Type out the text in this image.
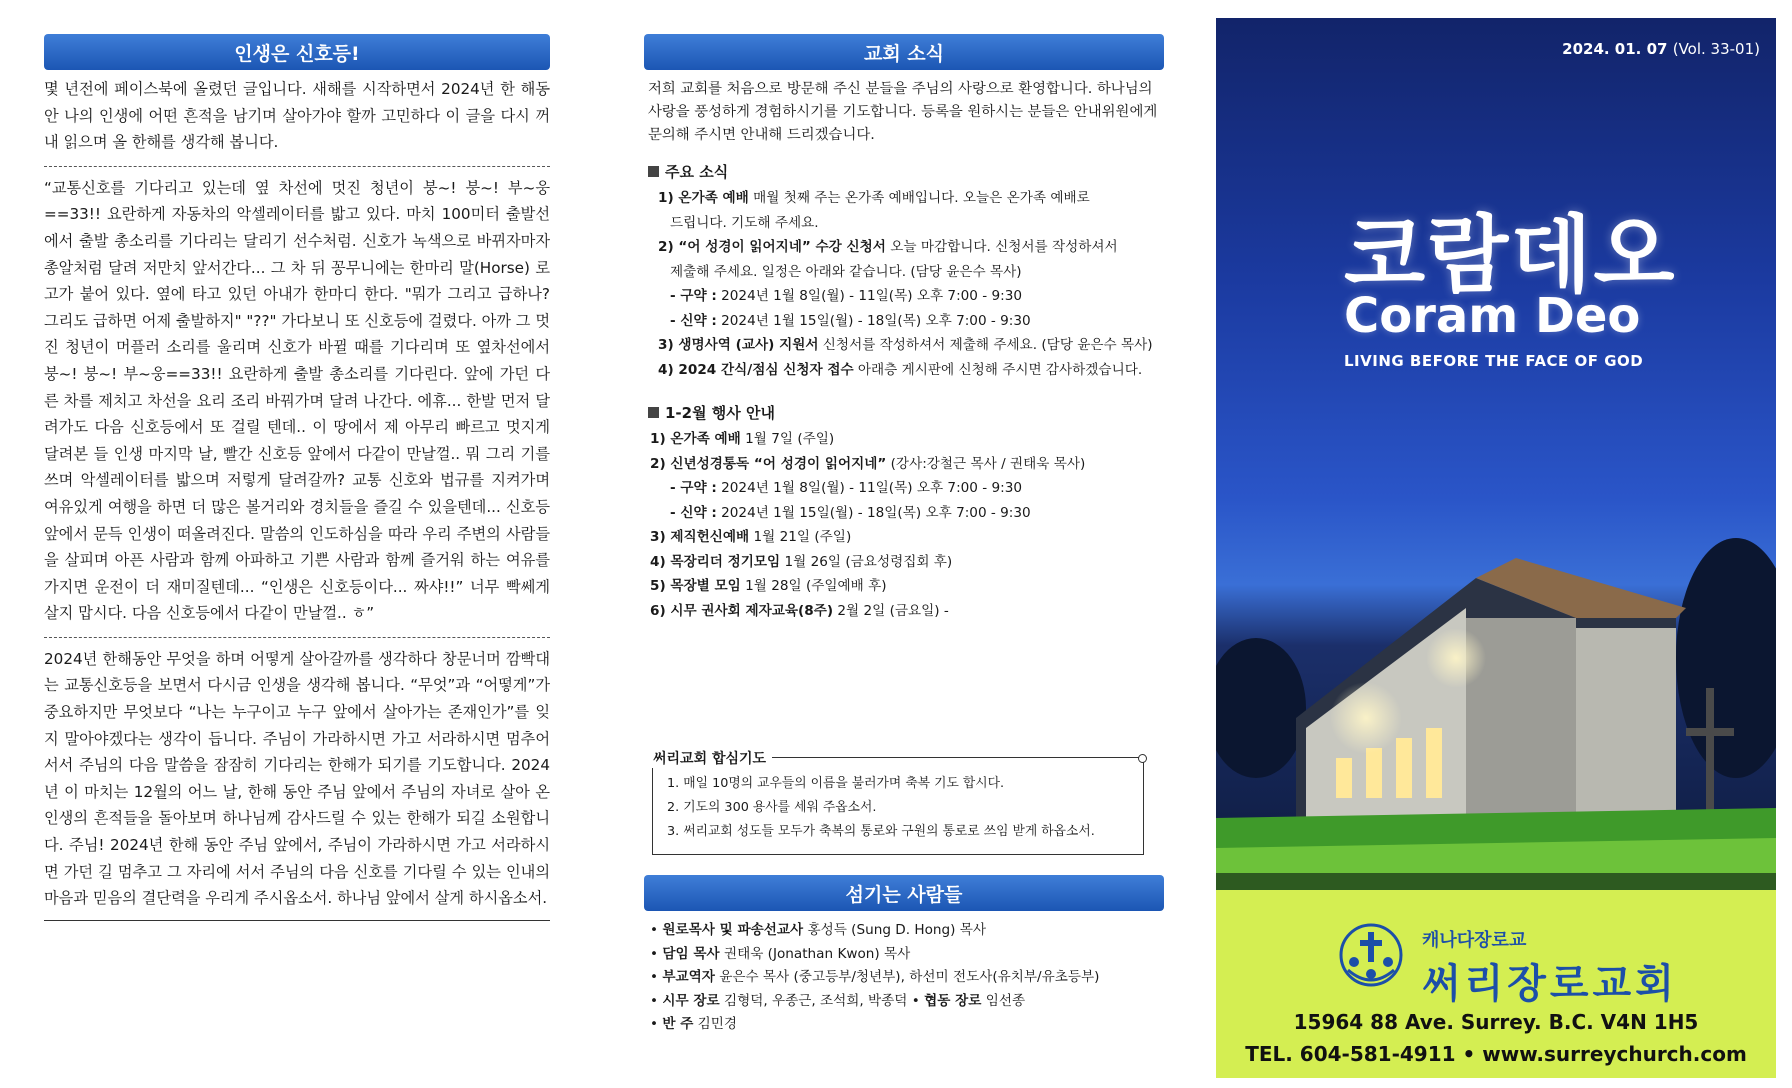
인생은 신호등!

몇 년전에 페이스북에 올렸던 글입니다. 새해를 시작하면서 2024년 한 해동안 나의 인생에 어떤 흔적을 남기며 살아가야 할까 고민하다 이 글을 다시 꺼내 읽으며 올 한해를 생각해 봅니다.

“교통신호를 기다리고 있는데 옆 차선에 멋진 청년이 붕~! 붕~! 부~웅==33!! 요란하게 자동차의 악셀레이터를 밟고 있다. 마치 100미터 출발선에서 출발 총소리를 기다리는 달리기 선수처럼. 신호가 녹색으로 바뀌자마자 총알처럼 달려 저만치 앞서간다... 그 차 뒤 꽁무니에는 한마리 말(Horse) 로고가 붙어 있다. 옆에 타고 있던 아내가 한마디 한다. "뭐가 그리고 급하나? 그리도 급하면 어제 출발하지" "??" 가다보니 또 신호등에 걸렸다. 아까 그 멋진 청년이 머플러 소리를 울리며 신호가 바뀔 때를 기다리며 또 옆차선에서 붕~! 붕~! 부~웅==33!! 요란하게 출발 총소리를 기다린다. 앞에 가던 다른 차를 제치고 차선을 요리 조리 바꿔가며 달려 나간다. 에휴... 한발 먼저 달려가도 다음 신호등에서 또 걸릴 텐데.. 이 땅에서 제 아무리 빠르고 멋지게 달려본 들 인생 마지막 날, 빨간 신호등 앞에서 다같이 만날껄.. 뭐 그리 기를 쓰며 악셀레이터를 밟으며 저렇게 달려갈까? 교통 신호와 법규를 지켜가며 여유있게 여행을 하면 더 많은 볼거리와 경치들을 즐길 수 있을텐데... 신호등 앞에서 문득 인생이 떠올려진다. 말씀의 인도하심을 따라 우리 주변의 사람들을 살피며 아픈 사람과 함께 아파하고 기쁜 사람과 함께 즐거워 하는 여유를 가지면 운전이 더 재미질텐데... “인생은 신호등이다... 짜샤!!” 너무 빡쎄게 살지 맙시다. 다음 신호등에서 다같이 만날껄.. ㅎ”

2024년 한해동안 무엇을 하며 어떻게 살아갈까를 생각하다 창문너머 깜빡대는 교통신호등을 보면서 다시금 인생을 생각해 봅니다. “무엇”과 “어떻게”가 중요하지만 무엇보다 “나는 누구이고 누구 앞에서 살아가는 존재인가”를 잊지 말아야겠다는 생각이 듭니다. 주님이 가라하시면 가고 서라하시면 멈추어 서서 주님의 다음 말씀을 잠잠히 기다리는 한해가 되기를 기도합니다. 2024년 이 마치는 12월의 어느 날, 한해 동안 주님 앞에서 주님의 자녀로 살아 온 인생의 흔적들을 돌아보며 하나님께 감사드릴 수 있는 한해가 되길 소원합니다. 주님! 2024년 한해 동안 주님 앞에서, 주님이 가라하시면 가고 서라하시면 가던 길 멈추고 그 자리에 서서 주님의 다음 신호를 기다릴 수 있는 인내의 마음과 믿음의 결단력을 우리게 주시옵소서. 하나님 앞에서 살게 하시옵소서.

교회 소식

저희 교회를 처음으로 방문해 주신 분들을 주님의 사랑으로 환영합니다. 하나님의 사랑을 풍성하게 경험하시기를 기도합니다. 등록을 원하시는 분들은 안내위원에게 문의해 주시면 안내해 드리겠습니다.

주요 소식
1) 온가족 예배 매월 첫째 주는 온가족 예배입니다. 오늘은 온가족 예배로
드립니다. 기도해 주세요.
2) “어 성경이 읽어지네” 수강 신청서 오늘 마감합니다. 신청서를 작성하셔서
제출해 주세요. 일정은 아래와 같습니다. (담당 윤은수 목사)
- 구약 : 2024년 1월 8일(월) - 11일(목) 오후 7:00 - 9:30
- 신약 : 2024년 1월 15일(월) - 18일(목) 오후 7:00 - 9:30
3) 생명사역 (교사) 지원서 신청서를 작성하셔서 제출해 주세요. (담당 윤은수 목사)
4) 2024 간식/점심 신청자 접수 아래층 게시판에 신청해 주시면 감사하겠습니다.
1-2월 행사 안내
1) 온가족 예배 1월 7일 (주일)
2) 신년성경통독 “어 성경이 읽어지네” (강사:강철근 목사 / 권태욱 목사)
- 구약 : 2024년 1월 8일(월) - 11일(목) 오후 7:00 - 9:30
- 신약 : 2024년 1월 15일(월) - 18일(목) 오후 7:00 - 9:30
3) 제직헌신예배 1월 21일 (주일)
4) 목장리더 정기모임 1월 26일 (금요성령집회 후)
5) 목장별 모임 1월 28일 (주일예배 후)
6) 시무 권사회 제자교육(8주) 2월 2일 (금요일) -
써리교회 합심기도
1. 매일 10명의 교우들의 이름을 불러가며 축복 기도 합시다.
2. 기도의 300 용사를 세워 주옵소서.
3. 써리교회 성도들 모두가 축복의 통로와 구원의 통로로 쓰임 받게 하옵소서.
섬기는 사람들
• 원로목사 및 파송선교사 홍성득 (Sung D. Hong) 목사
• 담임 목사 권태욱 (Jonathan Kwon) 목사
• 부교역자 윤은수 목사 (중고등부/청년부), 하선미 전도사(유치부/유초등부)
• 시무 장로 김형덕, 우종근, 조석희, 박종덕 • 협동 장로 임선종
• 반 주 김민경
2024. 01. 07 (Vol. 33-01)
코람데오
Coram Deo
LIVING BEFORE THE FACE OF GOD
캐나다장로교
써리장로교회
15964 88 Ave. Surrey. B.C. V4N 1H5
TEL. 604-581-4911 • www.surreychurch.com
